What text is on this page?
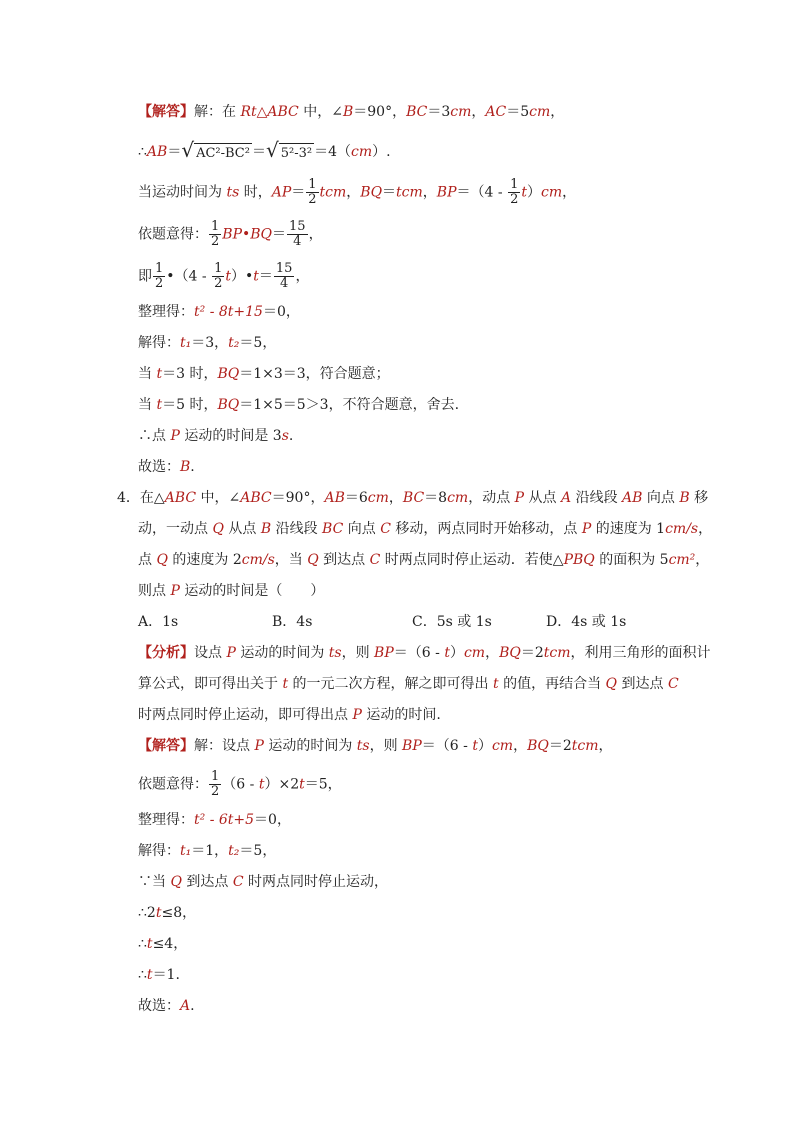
【解答】解：在 Rt△ABC 中，∠B＝90°，BC＝3cm，AC＝5cm，
∴AB＝√ AC²-BC² ＝√ 5²-3² ＝4（cm）.
当运动时间为 ts 时，$AP= \frac{1}{2}$ tcm，BQ＝tcm，$BP=(4 - \frac{1}{2} t)cm$，
依题意得： $\frac{1}{2}$ BP•BQ＝ $\frac{15}{4}$ ，
即 $\frac{1}{2}$ •（4 - $\frac{1}{2}$ t）•t＝ $\frac{15}{4}$ ，
整理得：t² - 8t+15＝0，
解得：t₁＝3，t₂＝5，
当 t＝3 时，BQ＝1×3＝3，符合题意；
当 t＝5 时，BQ＝1×5＝5＞3，不符合题意，舍去.
∴点 P 运动的时间是 3s.
故选：B.
4．在△ABC 中，∠ABC＝90°，AB＝6cm，BC＝8cm，动点 P 从点 A 沿线段 AB 向点 B 移
动，一动点 Q 从点 B 沿线段 BC 向点 C 移动，两点同时开始移动，点 P 的速度为 1cm/s，
点 Q 的速度为 2cm/s，当 Q 到达点 C 时两点同时停止运动．若使△PBQ 的面积为 5cm²，
则点 P 运动的时间是（　　）
A．1s	B．4s	C．5s 或 1s	D．4s 或 1s
【分析】设点 P 运动的时间为 ts，则 BP＝（6 - t）cm，BQ＝2tcm，利用三角形的面积计
算公式，即可得出关于 t 的一元二次方程，解之即可得出 t 的值，再结合当 Q 到达点 C
时两点同时停止运动，即可得出点 P 运动的时间.
【解答】解：设点 P 运动的时间为 ts，则 BP＝（6 - t）cm，BQ＝2tcm，
依题意得： $\frac{1}{2} (6 - t)\times 2t=5$，
整理得：t² - 6t+5＝0，
解得：t₁＝1，t₂＝5，
∵当 Q 到达点 C 时两点同时停止运动，
∴2t≤8，
∴t≤4，
∴t＝1.
故选：A.
